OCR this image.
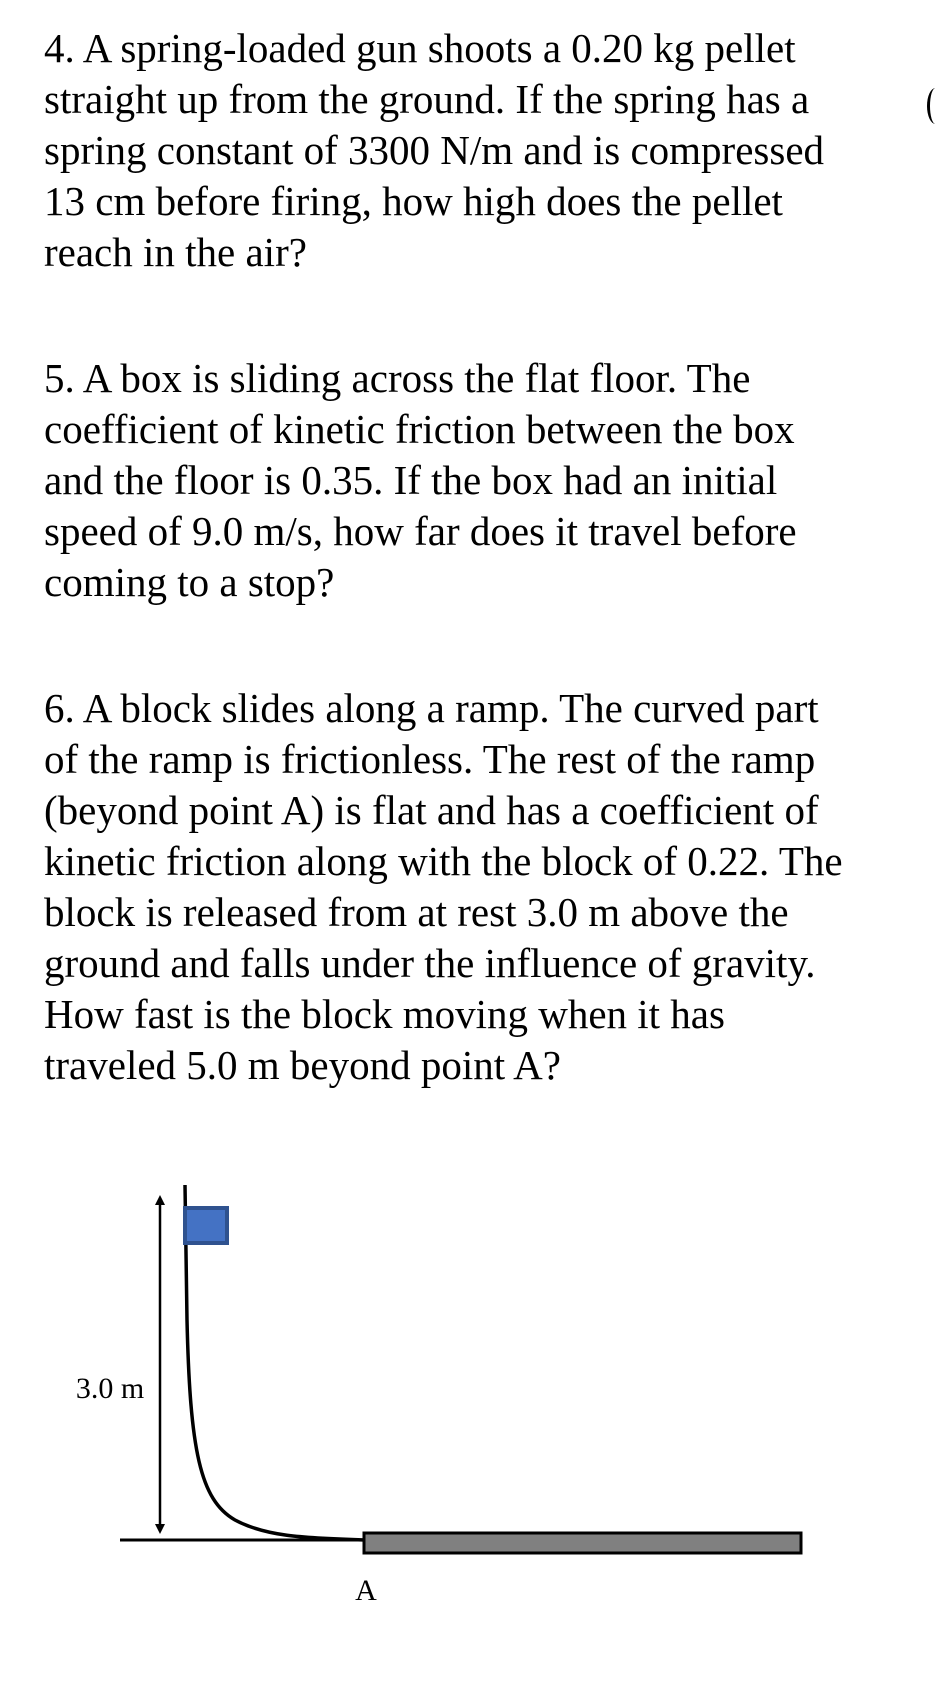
4. A spring-loaded gun shoots a 0.20 kg pellet
straight up from the ground. If the spring has a
spring constant of 3300 N/m and is compressed
13 cm before firing, how high does the pellet
reach in the air?
5. A box is sliding across the flat floor. The
coefficient of kinetic friction between the box
and the floor is 0.35. If the box had an initial
speed of 9.0 m/s, how far does it travel before
coming to a stop?
6. A block slides along a ramp. The curved part
of the ramp is frictionless. The rest of the ramp
(beyond point A) is flat and has a coefficient of
kinetic friction along with the block of 0.22. The
block is released from at rest 3.0 m above the
ground and falls under the influence of gravity.
How fast is the block moving when it has
traveled 5.0 m beyond point A?
3.0 m
A
